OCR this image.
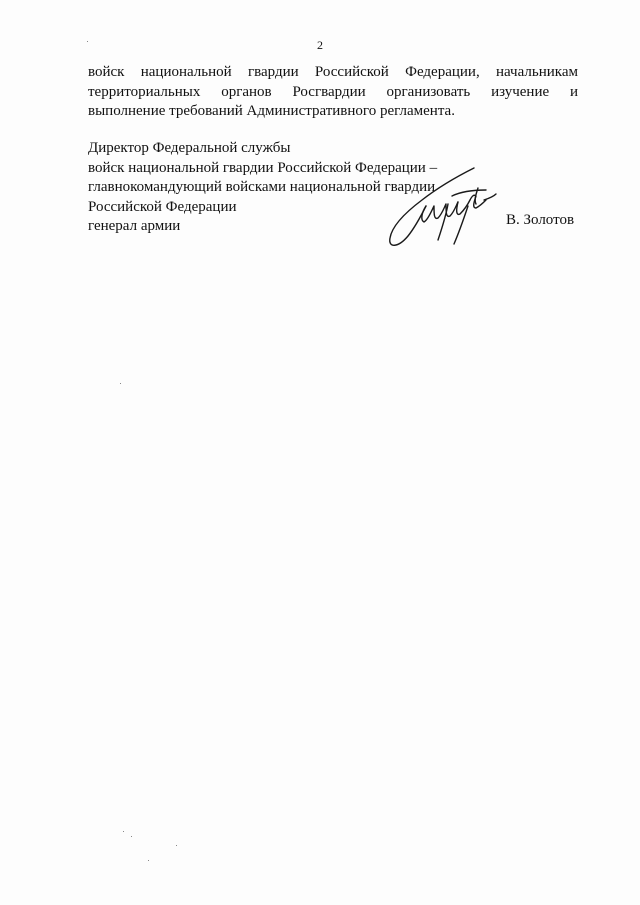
2
войск национальной гвардии Российской Федерации, начальникам
территориальных органов Росгвардии организовать изучение и
выполнение требований Административного регламента.
Директор Федеральной службы
войск национальной гвардии Российской Федерации –
главнокомандующий войсками национальной гвардии
Российской Федерации
генерал армии	В. Золотов
